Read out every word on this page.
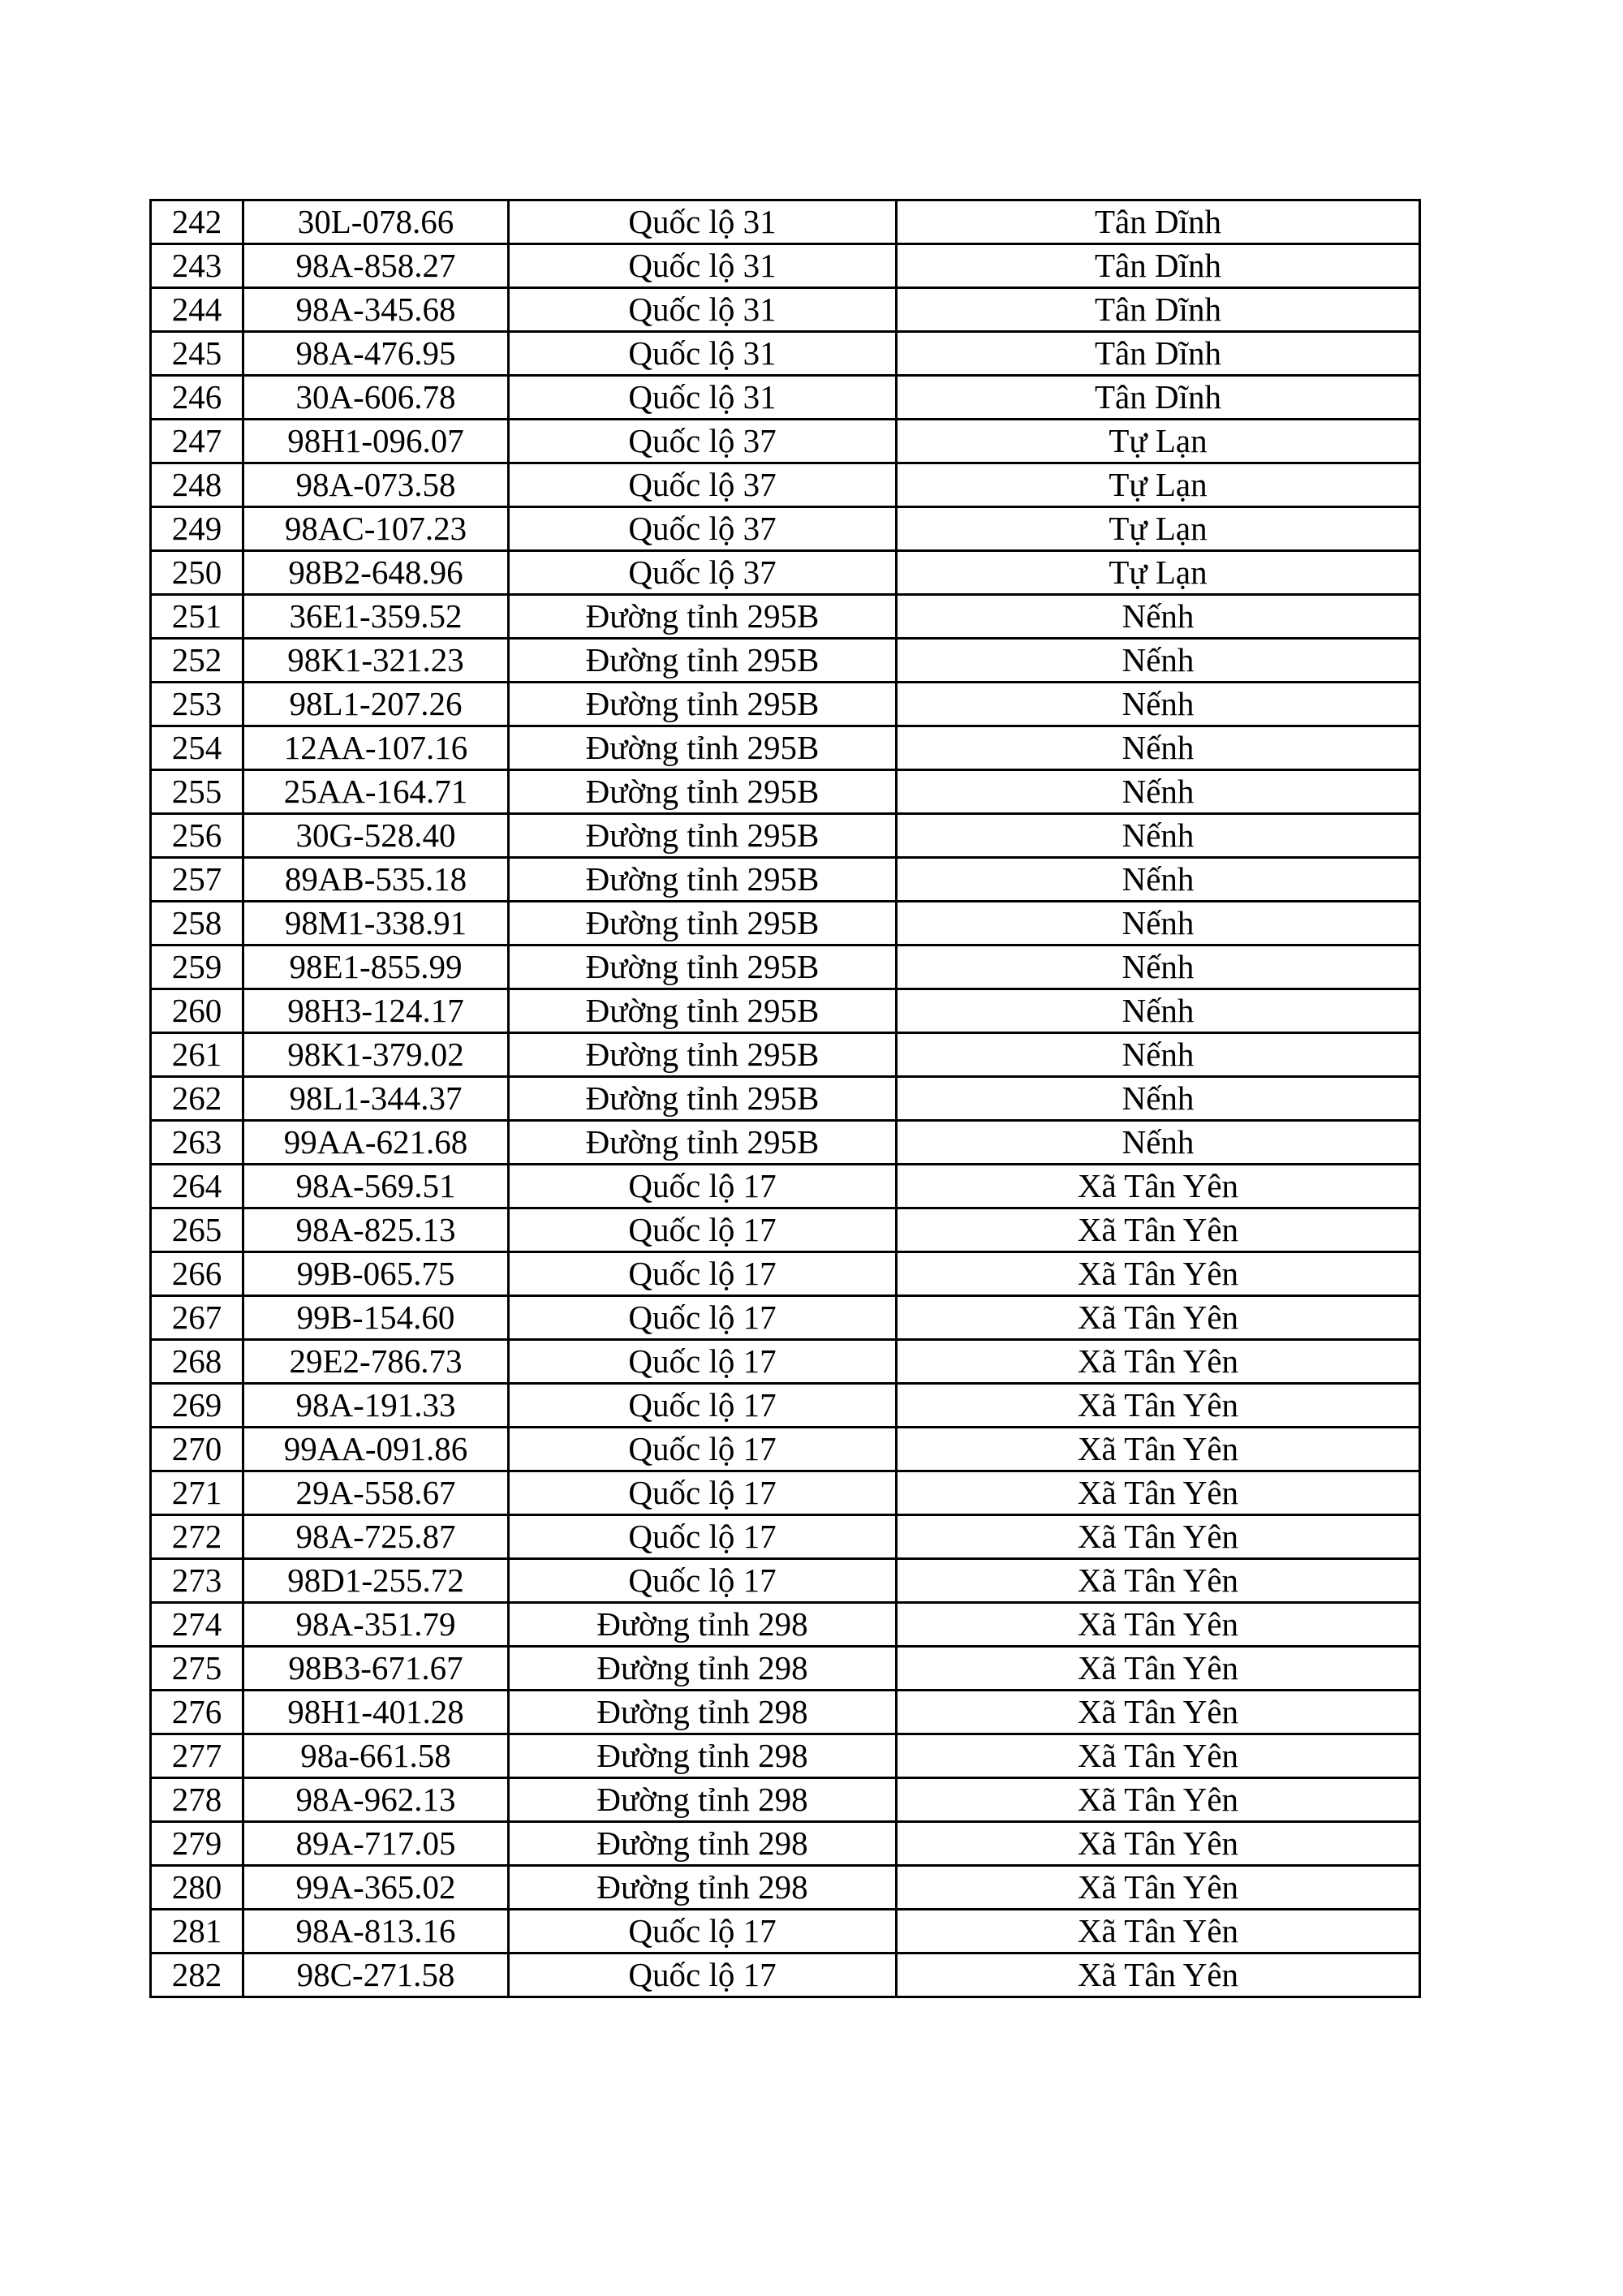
242	30L-078.66	Quốc lộ 31	Tân Dĩnh
243	98A-858.27	Quốc lộ 31	Tân Dĩnh
244	98A-345.68	Quốc lộ 31	Tân Dĩnh
245	98A-476.95	Quốc lộ 31	Tân Dĩnh
246	30A-606.78	Quốc lộ 31	Tân Dĩnh
247	98H1-096.07	Quốc lộ 37	Tự Lạn
248	98A-073.58	Quốc lộ 37	Tự Lạn
249	98AC-107.23	Quốc lộ 37	Tự Lạn
250	98B2-648.96	Quốc lộ 37	Tự Lạn
251	36E1-359.52	Đường tỉnh 295B	Nếnh
252	98K1-321.23	Đường tỉnh 295B	Nếnh
253	98L1-207.26	Đường tỉnh 295B	Nếnh
254	12AA-107.16	Đường tỉnh 295B	Nếnh
255	25AA-164.71	Đường tỉnh 295B	Nếnh
256	30G-528.40	Đường tỉnh 295B	Nếnh
257	89AB-535.18	Đường tỉnh 295B	Nếnh
258	98M1-338.91	Đường tỉnh 295B	Nếnh
259	98E1-855.99	Đường tỉnh 295B	Nếnh
260	98H3-124.17	Đường tỉnh 295B	Nếnh
261	98K1-379.02	Đường tỉnh 295B	Nếnh
262	98L1-344.37	Đường tỉnh 295B	Nếnh
263	99AA-621.68	Đường tỉnh 295B	Nếnh
264	98A-569.51	Quốc lộ 17	Xã Tân Yên
265	98A-825.13	Quốc lộ 17	Xã Tân Yên
266	99B-065.75	Quốc lộ 17	Xã Tân Yên
267	99B-154.60	Quốc lộ 17	Xã Tân Yên
268	29E2-786.73	Quốc lộ 17	Xã Tân Yên
269	98A-191.33	Quốc lộ 17	Xã Tân Yên
270	99AA-091.86	Quốc lộ 17	Xã Tân Yên
271	29A-558.67	Quốc lộ 17	Xã Tân Yên
272	98A-725.87	Quốc lộ 17	Xã Tân Yên
273	98D1-255.72	Quốc lộ 17	Xã Tân Yên
274	98A-351.79	Đường tỉnh 298	Xã Tân Yên
275	98B3-671.67	Đường tỉnh 298	Xã Tân Yên
276	98H1-401.28	Đường tỉnh 298	Xã Tân Yên
277	98a-661.58	Đường tỉnh 298	Xã Tân Yên
278	98A-962.13	Đường tỉnh 298	Xã Tân Yên
279	89A-717.05	Đường tỉnh 298	Xã Tân Yên
280	99A-365.02	Đường tỉnh 298	Xã Tân Yên
281	98A-813.16	Quốc lộ 17	Xã Tân Yên
282	98C-271.58	Quốc lộ 17	Xã Tân Yên
